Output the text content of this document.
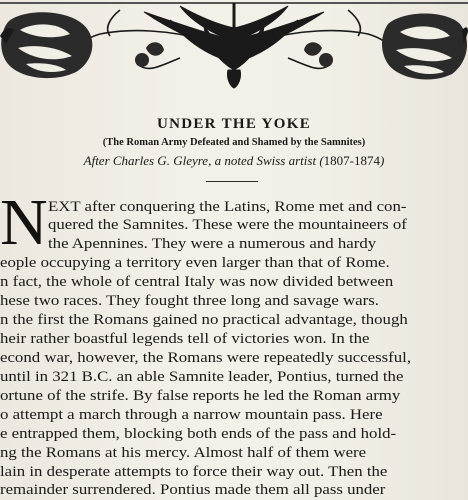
UNDER THE YOKE
(The Roman Army Defeated and Shamed by the Samnites)
After Charles G. Gleyre, a noted Swiss artist (1807-1874)
N EXT after conquering the Latins, Rome met and con-
quered the Samnites. These were the mountaineers of
the Apennines. They were a numerous and hardy
eople occupying a territory even larger than that of Rome.
n fact, the whole of central Italy was now divided between
hese two races. They fought three long and savage wars.
n the first the Romans gained no practical advantage, though
heir rather boastful legends tell of victories won. In the
econd war, however, the Romans were repeatedly successful,
until in 321 B.C. an able Samnite leader, Pontius, turned the
ortune of the strife. By false reports he led the Roman army
o attempt a march through a narrow mountain pass. Here
e entrapped them, blocking both ends of the pass and hold-
ng the Romans at his mercy. Almost half of them were
lain in desperate attempts to force their way out. Then the
remainder surrendered. Pontius made them all pass under
